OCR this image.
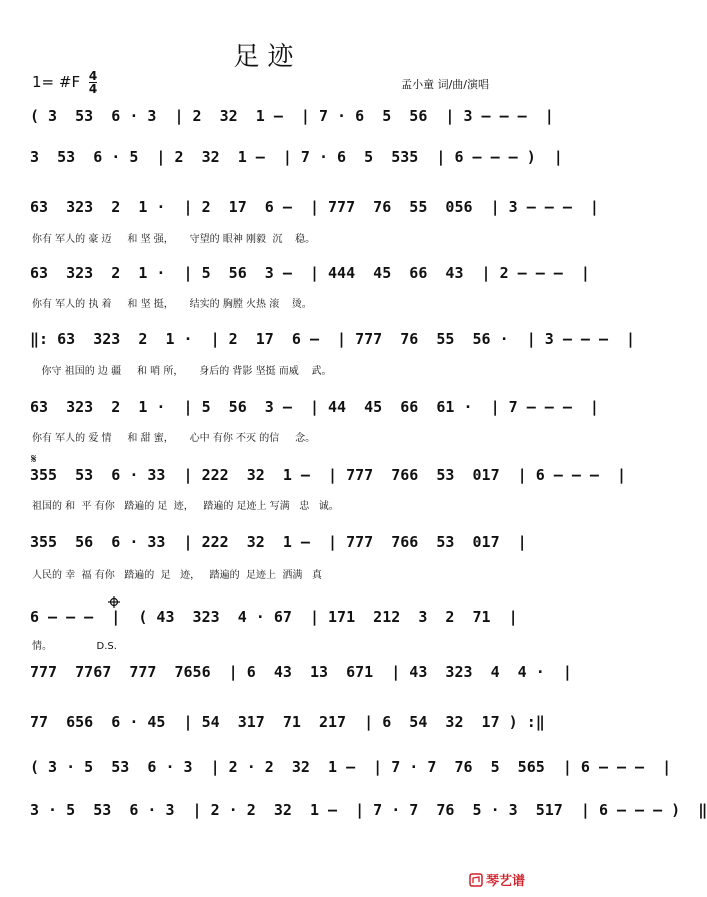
足迹
1= #F $\frac{4}{4}$	孟小童 词/曲/演唱
( 3  53  6 · 3  | 2  32  1 –  | 7 · 6  5  56  | 3 – – –  |
3  53  6 · 5  | 2  32  1 –  | 7 · 6  5  535  | 6 – – – )  |
63  323  2  1 ·  | 2  17  6 –  | 777  76  55  056  | 3 – – –  |
你有 军人的 豪 迈     和 坚 强，     守望的 眼神 刚毅  沉    稳。
63  323  2  1 ·  | 5  56  3 –  | 444  45  66  43  | 2 – – –  |
你有 军人的 执 着     和 坚 挺，     结实的 胸膛 火热 滚    烫。
‖: 63  323  2  1 ·  | 2  17  6 –  | 777  76  55  56 ·  | 3 – – –  |
你守 祖国的 边 疆     和 哨 所，     身后的 背影 坚挺 而威    武。
63  323  2  1 ·  | 5  56  3 –  | 44  45  66  61 ·  | 7 – – –  |
你有 军人的 爱 情     和 甜 蜜，     心中 有你 不灭 的信     念。
𝄋
355  53  6 · 33  | 222  32  1 –  | 777  766  53  017  | 6 – – –  |
祖国的 和  平 有你   踏遍的 足  迹，   踏遍的 足迹上 写满   忠   诚。
355  56  6 · 33  | 222  32  1 –  | 777  766  53  017  |
人民的 幸  福 有你   踏遍的  足   迹，   踏遍的  足迹上  洒满   真
6 – – –  |  ( 43  323  4 · 67  | 171  212  3  2  71  |
情。              D.S.
777  7767  777  7656  | 6  43  13  671  | 43  323  4  4 ·  |
77  656  6 · 45  | 54  317  71  217  | 6  54  32  17 ) :‖
( 3 · 5  53  6 · 3  | 2 · 2  32  1 –  | 7 · 7  76  5  565  | 6 – – –  |
3 · 5  53  6 · 3  | 2 · 2  32  1 –  | 7 · 7  76  5 · 3  517  | 6 – – – )  ‖
琴艺谱
